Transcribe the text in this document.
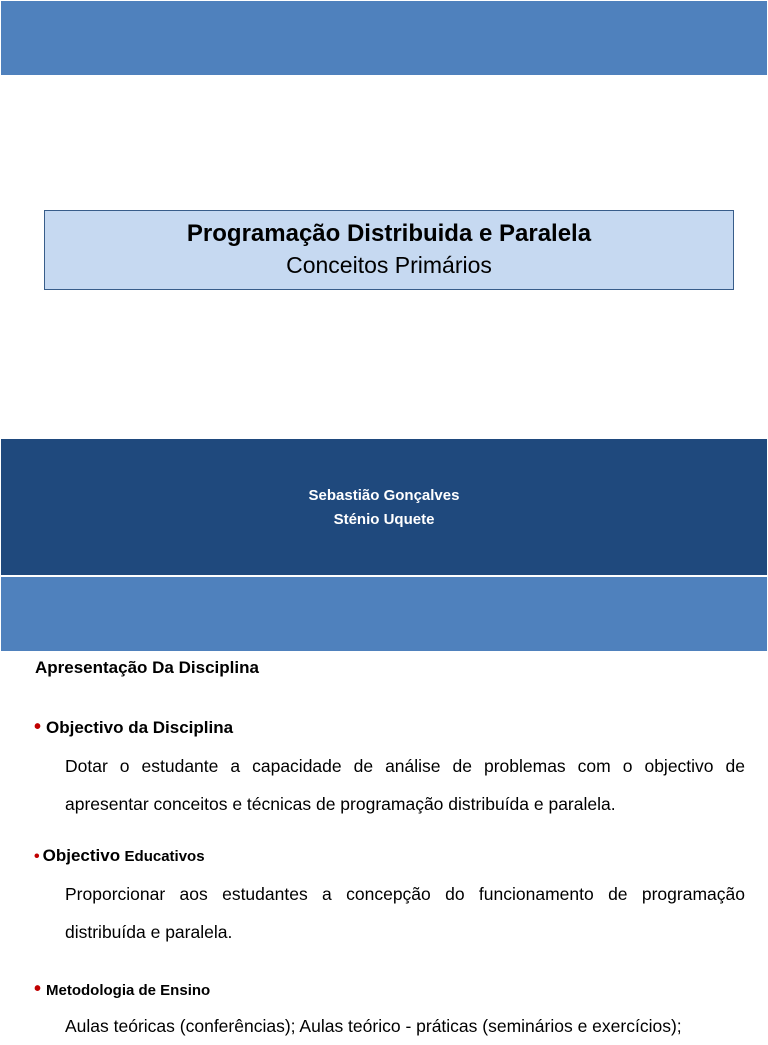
Programação Distribuida e Paralela
Conceitos Primários
Sebastião Gonçalves
Sténio Uquete
Apresentação Da Disciplina
• Objectivo da Disciplina
Dotar o estudante a capacidade de análise de problemas com o objectivo de apresentar conceitos e técnicas de programação distribuída e paralela.
• Objectivo Educativos
Proporcionar aos estudantes a concepção do funcionamento de programação distribuída e paralela.
• Metodologia de Ensino
Aulas teóricas (conferências); Aulas teórico - práticas (seminários e exercícios);
